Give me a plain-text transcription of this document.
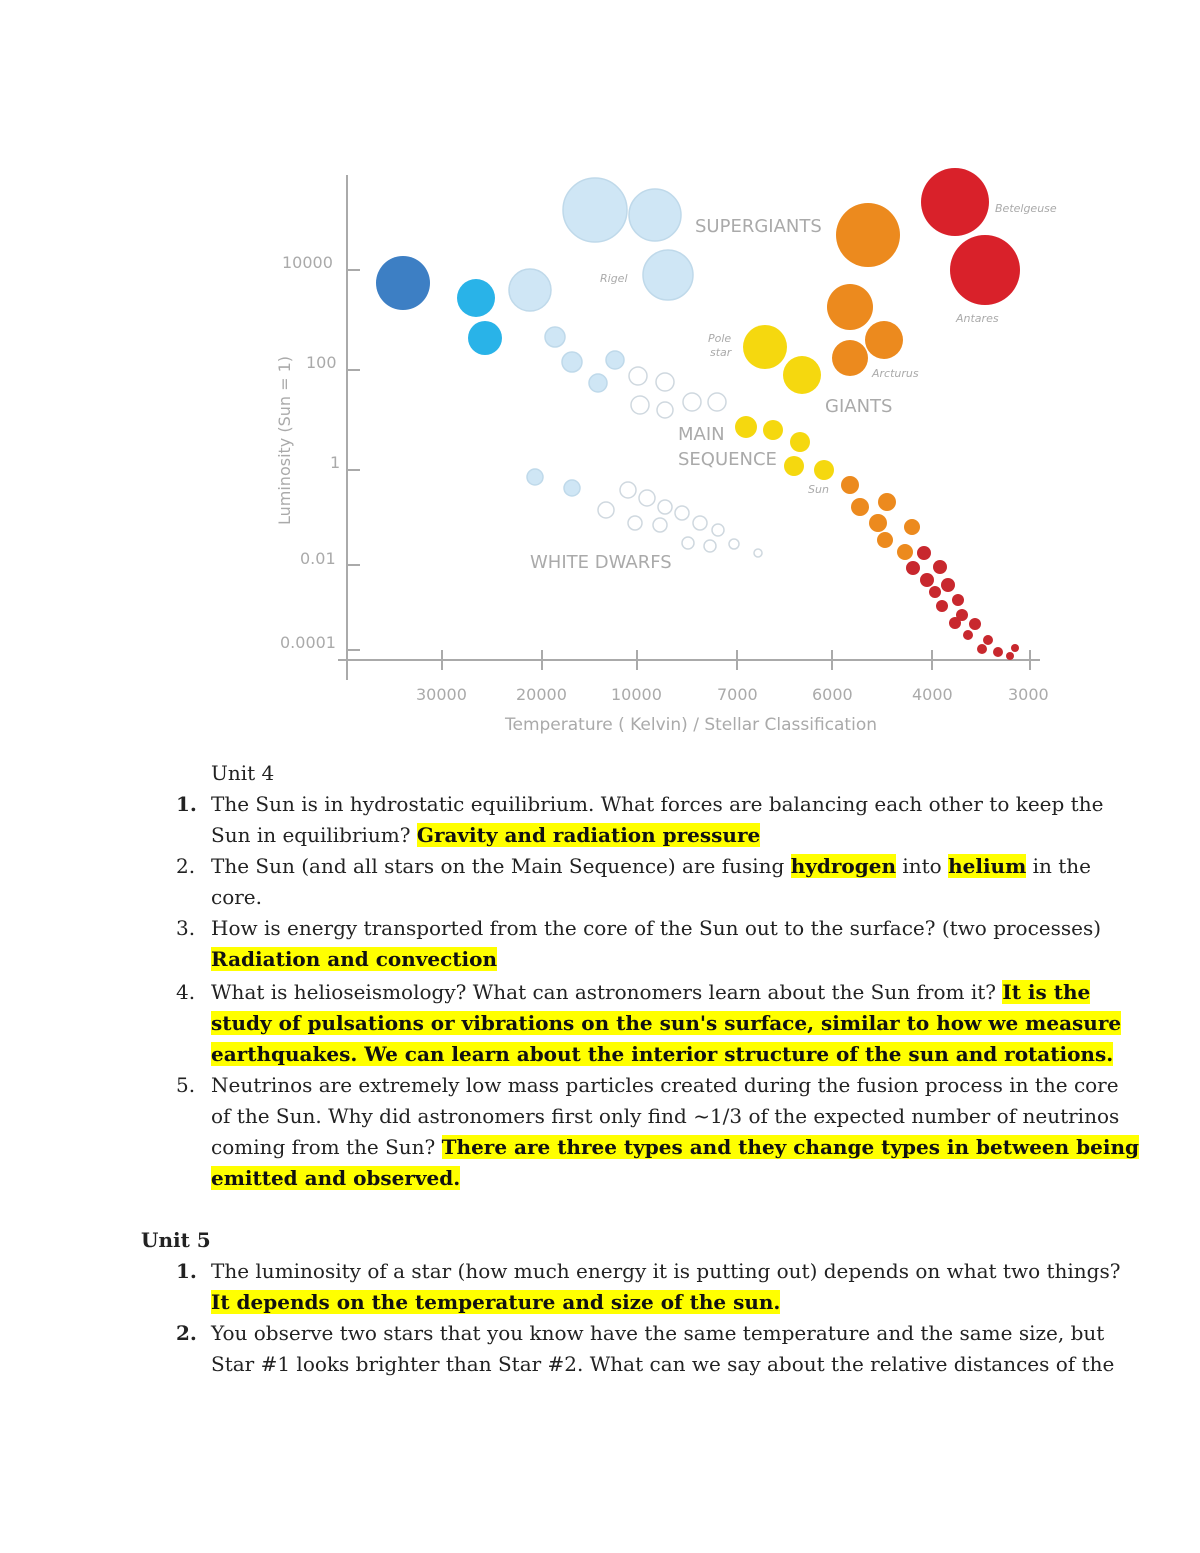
10000
100
1
0.01
0.0001
30000	20000	10000	7000	6000	4000	3000
Temperature ( Kelvin) / Stellar Classification
Luminosity (Sun = 1)
SUPERGIANTS
GIANTS
MAIN
SEQUENCE
WHITE DWARFS
Betelgeuse
Rigel
Antares
Pole
star
Arcturus
Sun
Unit 4
1. The Sun is in hydrostatic equilibrium. What forces are balancing each other to keep the
Sun in equilibrium? Gravity and radiation pressure
2. The Sun (and all stars on the Main Sequence) are fusing hydrogen into helium in the
core.
3. How is energy transported from the core of the Sun out to the surface? (two processes)
Radiation and convection
4. What is helioseismology? What can astronomers learn about the Sun from it? It is the
study of pulsations or vibrations on the sun's surface, similar to how we measure
earthquakes. We can learn about the interior structure of the sun and rotations.
5. Neutrinos are extremely low mass particles created during the fusion process in the core
of the Sun. Why did astronomers first only find ~1/3 of the expected number of neutrinos
coming from the Sun? There are three types and they change types in between being
emitted and observed.
Unit 5
1. The luminosity of a star (how much energy it is putting out) depends on what two things?
It depends on the temperature and size of the sun.
2. You observe two stars that you know have the same temperature and the same size, but
Star #1 looks brighter than Star #2. What can we say about the relative distances of the
